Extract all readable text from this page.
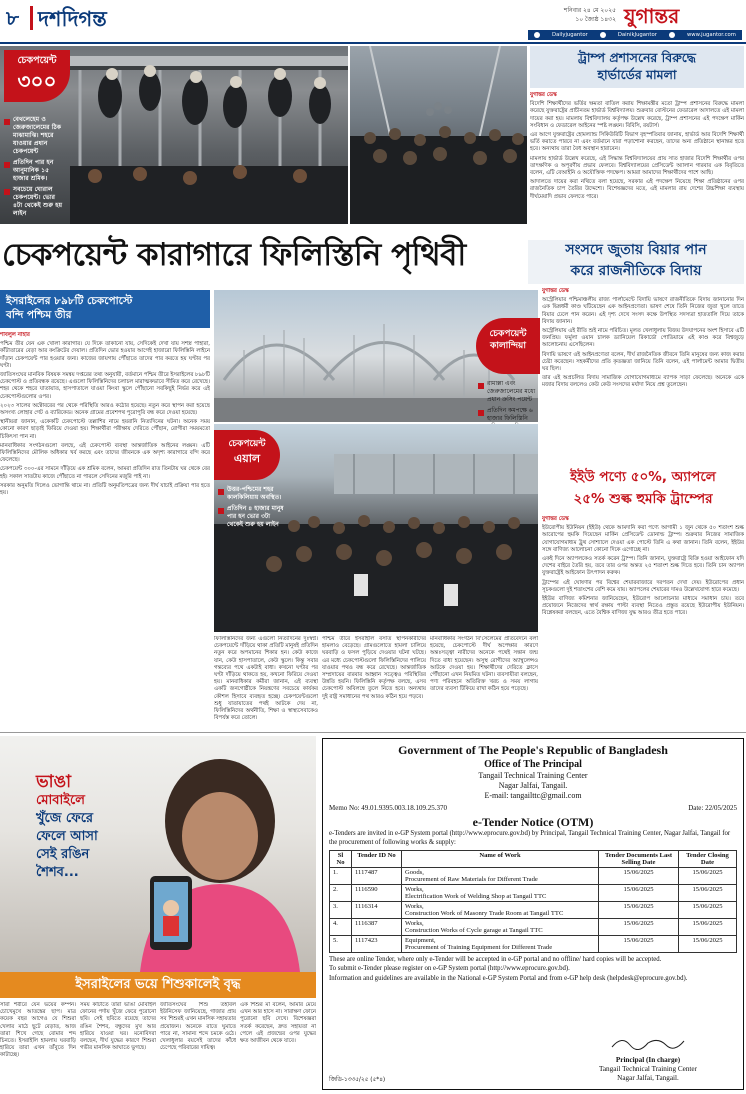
৮ দশদিগন্ত	শনিবার ২৪ মে ২০২৫
১০ জ্যৈষ্ঠ ১৪৩২ যুগান্তর
Dailyjugantor	DainikJugantor	www.jugantor.com
চেকপয়েন্ট
৩০০
বেথলেহেম ও জেরুজালেমের ঠিক মাঝামাঝি। শহরে যাওয়ার প্রধান চেকপয়েন্ট
প্রতিদিন পার হন আনুমানিক ১৫ হাজার শ্রমিক।
সবচেয়ে ঘোরাল চেকপয়েন্ট। ভোর ৪টা থেকেই শুরু হয় লাইন
ট্রাম্প প্রশাসনের বিরুদ্ধে
হার্ভার্ডের মামলা
যুগান্তর ডেস্ক
বিদেশি শিক্ষার্থীদের ভর্তির ক্ষমতা বাতিল করায় শিক্ষামন্ত্রীর মতো ট্রাম্প প্রশাসনের বিরুদ্ধে মামলা করেছে যুক্তরাষ্ট্রের প্রাচীনতম হার্ভার্ড বিশ্ববিদ্যালয়। শুক্রবার বোস্টনের ফেডারেল আদালতে এই মামলা দায়ের করা হয়। মামলায় বিশ্ববিদ্যালয় কর্তৃপক্ষ উল্লেখ করেছে, ট্রাম্প প্রশাসনের এই পদক্ষেপ মার্কিন সংবিধান ও ফেডারেল আইনের স্পষ্ট লঙ্ঘন। বিবিসি, রয়টার্স।
এর আগে যুক্তরাষ্ট্রের হোমল্যান্ড সিকিউরিটি বিভাগ বৃহস্পতিবার জানায়, হার্ভার্ড আর বিদেশি শিক্ষার্থী ভর্তি করাতে পারবে না এবং বর্তমানে যারা পড়াশোনা করছেন, তাদের অন্য প্রতিষ্ঠানে স্থানান্তর হতে হবে। অন্যথায় তারা বৈধ অবস্থান হারাবেন।
মামলায় হার্ভার্ড উল্লেখ করেছে, এই সিদ্ধান্ত বিশ্ববিদ্যালয়ের প্রায় সাত হাজার বিদেশি শিক্ষার্থীর ওপর তাৎক্ষণিক ও অপূরণীয় প্রভাব ফেলবে। বিশ্ববিদ্যালয়ের প্রেসিডেন্ট অ্যালান গারবার এক বিবৃতিতে বলেন, এটি বেআইনি ও অযৌক্তিক পদক্ষেপ। আমরা আমাদের শিক্ষার্থীদের পাশে আছি।
আদালতে দায়ের করা নথিতে বলা হয়েছে, সরকার এই পদক্ষেপ নিয়েছে শিক্ষা প্রতিষ্ঠানের ওপর রাজনৈতিক চাপ তৈরির উদ্দেশ্যে। বিশেষজ্ঞদের মতে, এই মামলার রায় দেশের উচ্চশিক্ষা ব্যবস্থায় দীর্ঘমেয়াদি প্রভাব ফেলতে পারে।
চেকপয়েন্ট কারাগারে ফিলিস্তিনি পৃথিবী	সংসদে জুতায় বিয়ার পান
করে রাজনীতিকে বিদায়
যুগান্তর ডেস্ক
অস্ট্রেলিয়ার পশ্চিমাঞ্চলীয় রাজ্য পার্লামেন্টে বিদায়ি ভাষণে রাজনীতিকে বিদায় জানানোর দিন এক ভিন্নধর্মী কাণ্ড ঘটিয়েছেন এক আইনপ্রণেতা। ভাষণ শেষে তিনি নিজের জুতা খুলে তাতে বিয়ার ঢেলে পান করেন। এই দৃশ্য দেখে সংসদ কক্ষে উপস্থিত সদস্যরা হাততালি দিয়ে তাকে বিদায় জানান।
অস্ট্রেলিয়ায় এই রীতি শুই নামে পরিচিত। মূলত খেলাধুলায় বিজয় উদযাপনের অংশ হিসাবে এটি জনপ্রিয়। ফর্মুলা ওয়ান চালক ড্যানিয়েল রিকার্ডো পোডিয়ামে এই কাণ্ড করে বিশ্বজুড়ে আলোচনায় এসেছিলেন।
বিদায়ি ভাষণে ওই আইনপ্রণেতা বলেন, দীর্ঘ রাজনৈতিক জীবনে তিনি মানুষের জন্য কাজ করার চেষ্টা করেছেন। সহকর্মীদের প্রতি কৃতজ্ঞতা জানিয়ে তিনি বলেন, এই পার্লামেন্ট আমার দ্বিতীয় ঘর ছিল।
তার এই অপ্রচলিত বিদায় সামাজিক যোগাযোগমাধ্যমে ব্যাপক সাড়া ফেলেছে। অনেকে একে মজার বিদায় বললেও কেউ কেউ সংসদের মর্যাদা নিয়ে প্রশ্ন তুলেছেন।
ইসরাইলের ৮৯৮টি চেকপোস্টে
বন্দি পশ্চিম তীর
শাবলুল নাহার
পশ্চিম তীর যেন এক খোলা কারাগার। যে দিকে তাকানো যায়, সেদিকেই দেখা যায় সশস্ত্র পাহারা, কাঁটাতারের বেড়া আর কংক্রিটের দেয়াল। প্রতিদিন ভোর হওয়ার আগেই হাজারো ফিলিস্তিনি লাইনে দাঁড়ান চেকপয়েন্ট পার হওয়ার জন্য। কাজের জায়গায় পৌঁছাতে তাদের পার করতে হয় ঘণ্টার পর ঘণ্টা।
জাতিসংঘের মানবিক বিষয়ক সমন্বয় দপ্তরের তথ্য অনুযায়ী, বর্তমানে পশ্চিম তীরে ইসরাইলের ৮৯৮টি চেকপোস্ট ও প্রতিবন্ধক রয়েছে। এগুলো ফিলিস্তিনিদের চলাচল মারাত্মকভাবে সীমিত করে রেখেছে। শহর থেকে শহরে যাতায়াত, হাসপাতালে যাওয়া কিংবা স্কুলে পৌঁছানো সবকিছুই নির্ভর করে এই চেকপোস্টগুলোর ওপর।
২০২৩ সালের অক্টোবরের পর থেকে পরিস্থিতি আরও কঠোর হয়েছে। নতুন করে স্থাপন করা হয়েছে অসংখ্য লোহার গেট ও ব্যারিকেড। অনেক গ্রামের প্রবেশপথ পুরোপুরি বন্ধ করে দেওয়া হয়েছে।
স্থানীয়রা জানান, একেকটি চেকপোস্টে তল্লাশির নামে হয়রানি নিত্যদিনের ঘটনা। অনেক সময় কোনো কারণ ছাড়াই ফিরিয়ে দেওয়া হয়। শিক্ষার্থীরা পরীক্ষায় দেরিতে পৌঁছান, রোগীরা সময়মতো চিকিৎসা পান না।
মানবাধিকার সংগঠনগুলো বলছে, এই চেকপোস্ট ব্যবস্থা আন্তর্জাতিক আইনের লঙ্ঘন। এটি ফিলিস্তিনিদের মৌলিক অধিকার খর্ব করছে এবং তাদের জীবনকে এক অদৃশ্য কারাগারে বন্দি করে ফেলেছে।
চেকপয়েন্ট ৩০০-এর সামনে দাঁড়িয়ে এক শ্রমিক বলেন, আমরা প্রতিদিন রাত তিনটায় ঘর থেকে বের হই। সকাল সাতটায় কাজে পৌঁছাতে না পারলে সেদিনের মজুরি পাই না।
সরকার অনুমতি দিলেও ভোগান্তি থামে না। প্রতিটি অনুমতিপত্রের জন্য দীর্ঘ যাচাই প্রক্রিয়া পার হতে হয়।
চেকপয়েন্ট
কালান্দিয়া
রামাল্লা এবং জেরুজালেমের মধ্যে প্রধান ক্রসিং পয়েন্ট
প্রতিদিন কমপক্ষে ৬ হাজার ফিলিস্তিনি
চেকপয়েন্ট
এয়াল
উত্তর-পশ্চিমের শহর কালকিলিয়ায় অবস্থিত।
প্রতিদিন ৪ হাজার মানুষ পার হন ভোর ৩টা থেকেই শুরু হয় লাইন
ইইউ পণ্যে ৫০%, অ্যাপলে
২৫% শুল্ক হুমকি ট্রাম্পের
যুগান্তর ডেস্ক
ইউরোপীয় ইউনিয়ন (ইইউ) থেকে আমদানি করা পণ্যে আগামী ১ জুন থেকে ৫০ শতাংশ শুল্ক আরোপের হুমকি দিয়েছেন মার্কিন প্রেসিডেন্ট ডোনাল্ড ট্রাম্প। শুক্রবার নিজের সামাজিক যোগাযোগমাধ্যম ট্রুথ সোশ্যালে দেওয়া এক পোস্টে তিনি এ কথা জানান। তিনি বলেন, ইইউর সঙ্গে বাণিজ্য আলোচনা কোনো দিকে এগোচ্ছে না।
একই দিনে অ্যাপলকেও সতর্ক করেন ট্রাম্প। তিনি জানান, যুক্তরাষ্ট্রে বিক্রি হওয়া আইফোন যদি দেশের বাইরে তৈরি হয়, তবে তার ওপর অন্তত ২৫ শতাংশ শুল্ক দিতে হবে। তিনি চান অ্যাপল যুক্তরাষ্ট্রেই আইফোন উৎপাদন করুক।
ট্রাম্পের এই ঘোষণার পর বিশ্বের শেয়ারবাজারে দরপতন দেখা দেয়। ইউরোপের প্রধান সূচকগুলো দুই শতাংশের বেশি কমে যায়। অ্যাপলের শেয়ারের দামও উল্লেখযোগ্য হারে কমেছে।
ইইউর বাণিজ্য কমিশনার জানিয়েছেন, ইউরোপ আলোচনার মাধ্যমে সমাধান চায়। তবে প্রয়োজনে নিজেদের স্বার্থ রক্ষায় পাল্টা ব্যবস্থা নিতেও প্রস্তুত রয়েছে ইউরোপীয় ইউনিয়ন। বিশ্লেষকরা বলছেন, এতে বৈশ্বিক বাণিজ্য যুদ্ধ আরও তীব্র হতে পারে।
ফিলিস্তিনিদের জন্য এগুলো নিত্যদিনের দুঃস্বপ্ন। চেকপয়েন্টে দাঁড়িয়ে থাকা প্রতিটি মানুষই প্রতিদিন নতুন করে অপমানের শিকার হন। কেউ কাজে যান, কেউ হাসপাতালে, কেউ স্কুলে। কিন্তু সবার গন্তব্যের পথে একটাই বাধা। কখনো ঘণ্টার পর ঘণ্টা দাঁড়িয়ে থাকতে হয়, কখনো ফিরিয়ে দেওয়া হয়। মানবাধিকার কর্মীরা জানান, এই ব্যবস্থা একটি জনগোষ্ঠীকে নিয়ন্ত্রণের সবচেয়ে কার্যকর কৌশল হিসাবে ব্যবহৃত হচ্ছে। চেকপয়েন্টগুলো শুধু যাতায়াতের পথই আটকে দেয় না, ফিলিস্তিনিদের অর্থনীতি, শিক্ষা ও স্বাস্থ্যসেবাকেও বিপর্যস্ত করে তোলে।
পশ্চিম তীরে ইসরাইলি বসতি স্থাপনকারীদের হামলাও বেড়েছে। গ্রামগুলোতে হামলা চালিয়ে ঘরবাড়ি ও ফসল পুড়িয়ে দেওয়ার ঘটনা ঘটছে। এর মধ্যে চেকপোস্টগুলো ফিলিস্তিনিদের পালিয়ে যাওয়ার পথও বন্ধ করে রেখেছে। আন্তর্জাতিক সম্প্রদায়ের বারবার আহ্বান সত্ত্বেও পরিস্থিতির উন্নতি হয়নি। ফিলিস্তিনি কর্তৃপক্ষ বলছে, এসব চেকপোস্ট অবিলম্বে তুলে নিতে হবে। অন্যথায় দুই রাষ্ট্র সমাধানের পথ আরও কঠিন হয়ে পড়বে।
মানবাধিকার সংগঠন বি'সেলেমের প্রতিবেদনে বলা হয়েছে, চেকপোস্টে দীর্ঘ অপেক্ষার কারণে অন্তঃসত্ত্বা নারীদের অনেকে পথেই সন্তান জন্ম দিতে বাধ্য হয়েছেন। অসুস্থ রোগীদের অ্যাম্বুলেন্সও আটকে দেওয়া হয়। শিক্ষার্থীদের দেরিতে ক্লাসে পৌঁছানো এখন নিয়মিত ঘটনা। ব্যবসায়ীরা বলছেন, পণ্য পরিবহনে অতিরিক্ত খরচ ও সময় লাগায় তাদের ব্যবসা টিকিয়ে রাখা কঠিন হয়ে পড়েছে।
ভাঙা
মোবাইলে
খুঁজে ফেরে
ফেলে আসা
সেই রঙিন
শৈশব...
ইসরাইলের ভয়ে শিশুকালেই বৃদ্ধ
সারা শরীরে যেন ভয়ের কম্পন। চোখেমুখে আতঙ্কের ছাপ। মাত্র কয়েক বছর আগেও যে শিশুরা খেলার মাঠে ছুটে বেড়াত, আজ তারা শিখে গেছে বোমার শব্দ চিনতে। ইসরাইলি হামলায় ঘরবাড়ি হারিয়ে তারা এখন তাঁবুতে দিন কাটাচ্ছে।
সময় কাটাতে তারা ভাঙা মোবাইল ফোনের পর্দায় খুঁজে ফেরে পুরোনো ছবি। সেই ছবিতে রয়েছে তাদের রঙিন শৈশব, বন্ধুদের মুখ আর হারিয়ে যাওয়া ঘর। মনোবিদরা বলছেন, দীর্ঘ যুদ্ধের কারণে শিশুরা গভীর মানসিক আঘাতে ভুগছে।
জাতিসংঘের শিশু তহবিল ইউনিসেফ জানিয়েছে, গাজার প্রায় সব শিশুরই এখন মানসিক সহায়তার প্রয়োজন। অনেকে রাতে ঘুমাতে পারে না, সামান্য শব্দে চমকে ওঠে। খেলাধুলার বয়সেই তাদের কাঁধে চেপেছে পরিবারের দায়িত্ব।
এক শিশুর মা বলেন, আমার মেয়ে এখন আর হাসে না। সারাক্ষণ ফোনে পুরোনো ছবি দেখে। বিশেষজ্ঞরা সতর্ক করেছেন, দ্রুত সহায়তা না পেলে এই প্রজন্মের ওপর যুদ্ধের ক্ষত আজীবন থেকে যাবে।
Government of The People's Republic of Bangladesh
Office of The Principal
Tangail Technical Training Center
Nagar Jalfai, Tangail.
E-mail: tangailttc@gmail.com
Memo No: 49.01.9395.003.18.109.25.370	Date: 22/05/2025
e-Tender Notice (OTM)
e-Tenders are invited in e-GP System portal (http://www.eprocure.gov.bd) by Principal, Tangail Technical Training Center, Nagar Jalfai, Tangail for the procurement of following works & supply:
Sl No	Tender ID No	Name of Work	Tender Documents Last Selling Date	Tender Closing Date
1.	1117487	Goods,
Procurement of Raw Materials for Different Trade	15/06/2025	15/06/2025
2.	1116590	Works,
Electrification Work of Welding Shop at Tangail TTC	15/06/2025	15/06/2025
3.	1116314	Works,
Construction Work of Masonry Trade Room at Tangail TTC	15/06/2025	15/06/2025
4.	1116387	Works,
Construction Works of Cycle garage at Tangail TTC	15/06/2025	15/06/2025
5.	1117423	Equipment,
Procurement of Training Equipment for Different Trade	15/06/2025	15/06/2025
These are online Tender, where only e-Tender will be accepted in e-GP portal and no offline/ hard copies will be accepted.
To submit e-Tender please register on e-GP System portal (http://www.eprocure.gov.bd).
Information and guidelines are available in the National e-GP System Portal and from e-GP help desk (helpdesk@eprocure.gov.bd).
Principal (In charge)
Tangail Technical Training Center
Nagar Jalfai, Tangail.
জিডি-১৩৩৫/২৫ (৫*৪)
